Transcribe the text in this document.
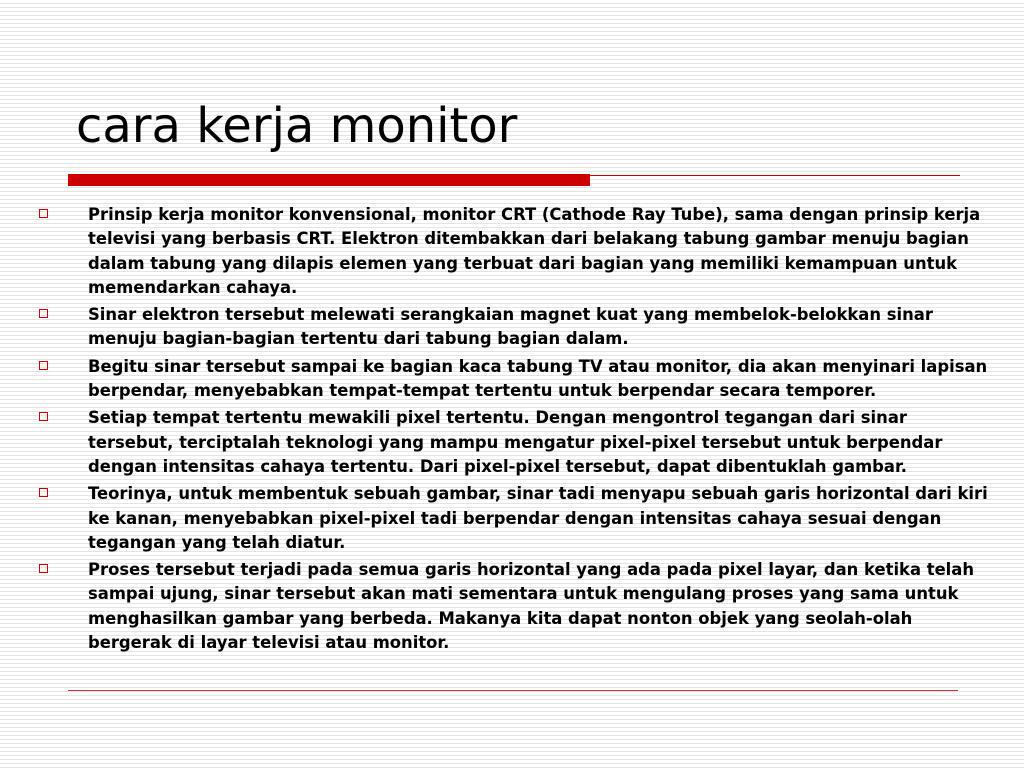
cara kerja monitor
Prinsip kerja monitor konvensional, monitor CRT (Cathode Ray Tube), sama dengan prinsip kerja televisi yang berbasis CRT. Elektron ditembakkan dari belakang tabung gambar menuju bagian dalam tabung yang dilapis elemen yang terbuat dari bagian yang memiliki kemampuan untuk memendarkan cahaya.
Sinar elektron tersebut melewati serangkaian magnet kuat yang membelok-belokkan sinar menuju bagian-bagian tertentu dari tabung bagian dalam.
Begitu sinar tersebut sampai ke bagian kaca tabung TV atau monitor, dia akan menyinari lapisan berpendar, menyebabkan tempat-tempat tertentu untuk berpendar secara temporer.
Setiap tempat tertentu mewakili pixel tertentu. Dengan mengontrol tegangan dari sinar tersebut, terciptalah teknologi yang mampu mengatur pixel-pixel tersebut untuk berpendar dengan intensitas cahaya tertentu. Dari pixel-pixel tersebut, dapat dibentuklah gambar.
Teorinya, untuk membentuk sebuah gambar, sinar tadi menyapu sebuah garis horizontal dari kiri ke kanan, menyebabkan pixel-pixel tadi berpendar dengan intensitas cahaya sesuai dengan tegangan yang telah diatur.
Proses tersebut terjadi pada semua garis horizontal yang ada pada pixel layar, dan ketika telah sampai ujung, sinar tersebut akan mati sementara untuk mengulang proses yang sama untuk menghasilkan gambar yang berbeda. Makanya kita dapat nonton objek yang seolah-olah bergerak di layar televisi atau monitor.
